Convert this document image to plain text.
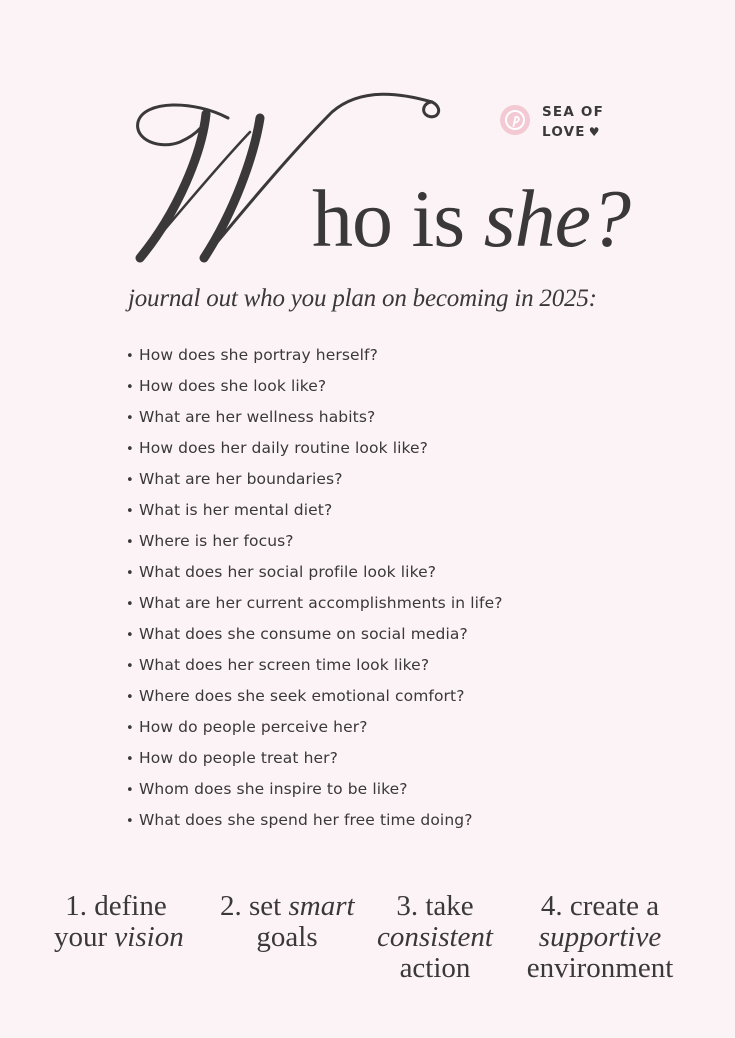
ho is she?
SEA OF
LOVE ♥
journal out who you plan on becoming in 2025:
• How does she portray herself?
• How does she look like?
• What are her wellness habits?
• How does her daily routine look like?
• What are her boundaries?
• What is her mental diet?
• Where is her focus?
• What does her social profile look like?
• What are her current accomplishments in life?
• What does she consume on social media?
• What does her screen time look like?
• Where does she seek emotional comfort?
• How do people perceive her?
• How do people treat her?
• Whom does she inspire to be like?
• What does she spend her free time doing?
1. define
your vision
2. set smart
goals
3. take
consistent
action
4. create a
supportive
environment
